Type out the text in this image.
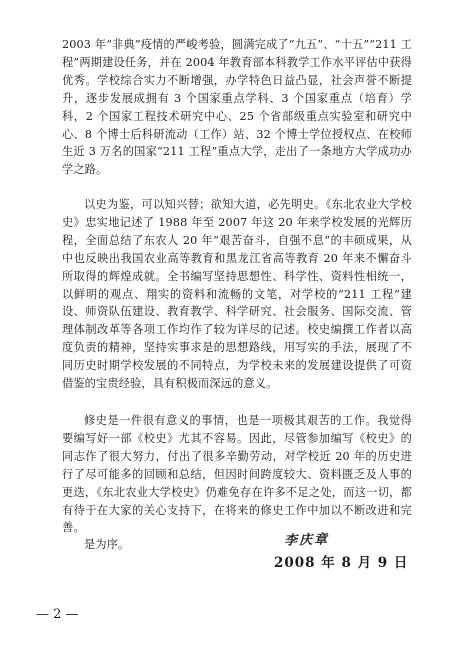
2003 年“非典”疫情的严峻考验，圆满完成了“九五”、“十五”“211 工程”两期建设任务，并在 2004 年教育部本科教学工作水平评估中获得优秀。学校综合实力不断增强，办学特色日益凸显，社会声誉不断提升，逐步发展成拥有 3 个国家重点学科、3 个国家重点（培育）学科，2 个国家工程技术研究中心、25 个省部级重点实验室和研究中心、8 个博士后科研流动（工作）站、32 个博士学位授权点、在校师生近 3 万名的国家“211 工程”重点大学，走出了一条地方大学成功办学之路。

以史为鉴，可以知兴替；欲知大道，必先明史。《东北农业大学校史》忠实地记述了 1988 年至 2007 年这 20 年来学校发展的光辉历程，全面总结了东农人 20 年“艰苦奋斗，自强不息”的丰硕成果，从中也反映出我国农业高等教育和黑龙江省高等教育 20 年来不懈奋斗所取得的辉煌成就。全书编写坚持思想性、科学性、资料性相统一，以鲜明的观点、翔实的资料和流畅的文笔，对学校的“211 工程”建设、师资队伍建设、教育教学、科学研究、社会服务、国际交流、管理体制改革等各项工作均作了较为详尽的记述。校史编撰工作者以高度负责的精神，坚持实事求是的思想路线，用写实的手法，展现了不同历史时期学校发展的不同特点，为学校未来的发展建设提供了可资借鉴的宝贵经验，具有积极而深远的意义。

修史是一件很有意义的事情，也是一项极其艰苦的工作。我觉得要编写好一部《校史》尤其不容易。因此，尽管参加编写《校史》的同志作了很大努力，付出了很多辛勤劳动，对学校近 20 年的历史进行了尽可能多的回顾和总结，但因时间跨度较大、资料匮乏及人事的更迭，《东北农业大学校史》仍难免存在许多不足之处，而这一切，都有待于在大家的关心支持下，在将来的修史工作中加以不断改进和完善。

是为序。	李庆章
2008 年 8 月 9 日
— 2 —
